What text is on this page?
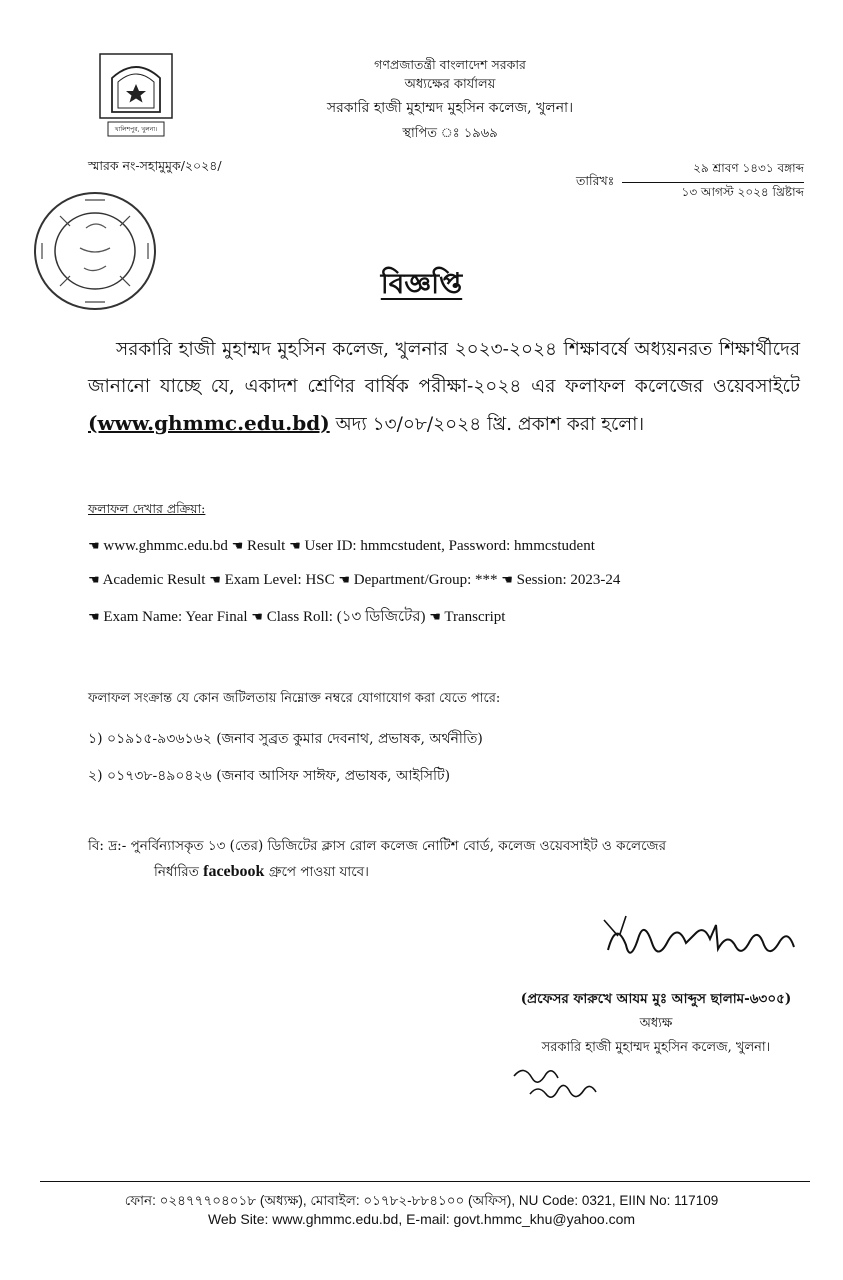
খালিশপুর, খুলনা।
গণপ্রজাতন্ত্রী বাংলাদেশ সরকার
অধ্যক্ষের কার্যালয়
সরকারি হাজী মুহাম্মদ মুহসিন কলেজ, খুলনা।
স্থাপিত ঃ ১৯৬৯
স্মারক নং-সহামুমুক/২০২৪/
তারিখঃ
২৯ শ্রাবণ ১৪৩১ বঙ্গাব্দ
১৩ আগস্ট ২০২৪ খ্রিষ্টাব্দ
বিজ্ঞপ্তি
সরকারি হাজী মুহাম্মদ মুহসিন কলেজ, খুলনার ২০২৩-২০২৪ শিক্ষাবর্ষে অধ্যয়নরত শিক্ষার্থীদের জানানো যাচ্ছে যে, একাদশ শ্রেণির বার্ষিক পরীক্ষা-২০২৪ এর ফলাফল কলেজের ওয়েবসাইটে (www.ghmmc.edu.bd) অদ্য ১৩/০৮/২০২৪ খ্রি. প্রকাশ করা হলো।
ফলাফল দেখার প্রক্রিয়া:
☚ www.ghmmc.edu.bd ☚ Result ☚ User ID: hmmcstudent, Password: hmmcstudent
☚ Academic Result ☚ Exam Level: HSC ☚ Department/Group: *** ☚ Session: 2023-24
☚ Exam Name: Year Final ☚ Class Roll: (১৩ ডিজিটের) ☚ Transcript
ফলাফল সংক্রান্ত যে কোন জটিলতায় নিম্নোক্ত নম্বরে যোগাযোগ করা যেতে পারে:
১) ০১৯১৫-৯৩৬১৬২ (জনাব সুব্রত কুমার দেবনাথ, প্রভাষক, অর্থনীতি)
২) ০১৭৩৮-৪৯০৪২৬ (জনাব আসিফ সাঈফ, প্রভাষক, আইসিটি)
বি: দ্র:- পুনর্বিন্যাসকৃত ১৩ (তের) ডিজিটের ক্লাস রোল কলেজ নোটিশ বোর্ড, কলেজ ওয়েবসাইট ও কলেজের
নির্ধারিত facebook গ্রুপে পাওয়া যাবে।
(প্রফেসর ফারুখে আযম মুঃ আব্দুস ছালাম-৬৩০৫)
অধ্যক্ষ
সরকারি হাজী মুহাম্মদ মুহসিন কলেজ, খুলনা।
ফোন: ০২৪৭৭৭০৪০১৮ (অধ্যক্ষ), মোবাইল: ০১৭৮২-৮৮৪১০০ (অফিস), NU Code: 0321, EIIN No: 117109
Web Site: www.ghmmc.edu.bd, E-mail: govt.hmmc_khu@yahoo.com
